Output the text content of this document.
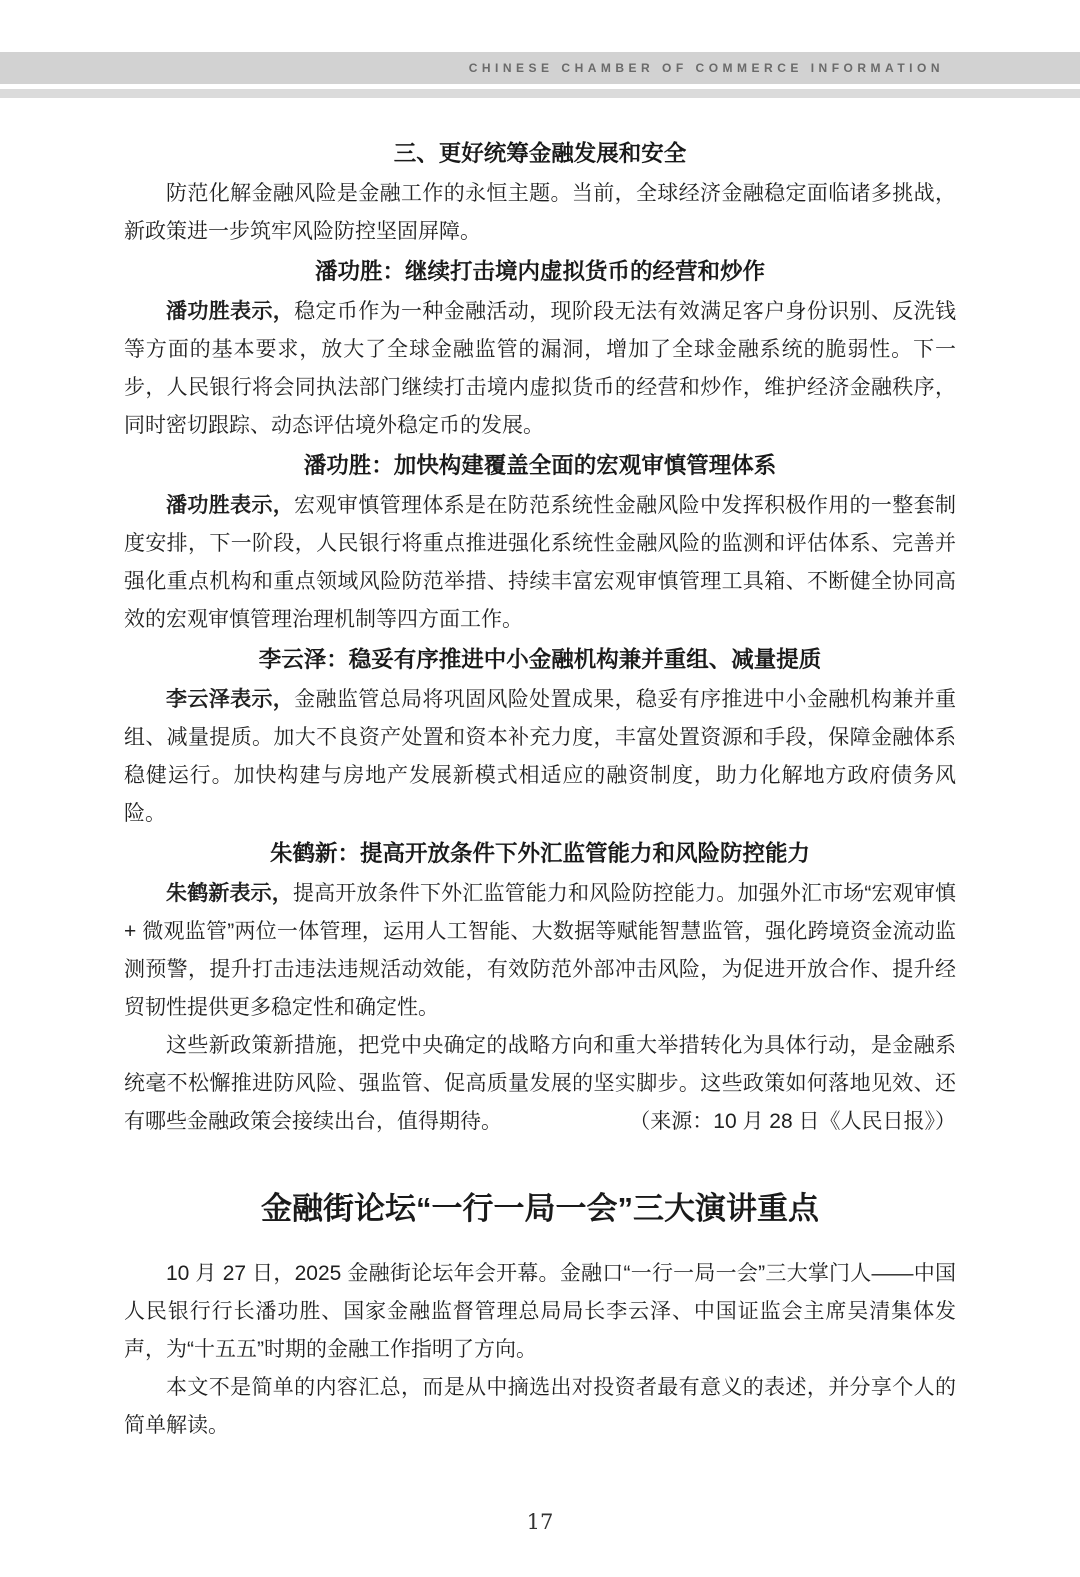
CHINESE CHAMBER OF COMMERCE INFORMATION
三、更好统筹金融发展和安全

防范化解金融风险是金融工作的永恒主题。当前，全球经济金融稳定面临诸多挑战，新政策进一步筑牢风险防控坚固屏障。

潘功胜：继续打击境内虚拟货币的经营和炒作

潘功胜表示，稳定币作为一种金融活动，现阶段无法有效满足客户身份识别、反洗钱等方面的基本要求，放大了全球金融监管的漏洞，增加了全球金融系统的脆弱性。下一步，人民银行将会同执法部门继续打击境内虚拟货币的经营和炒作，维护经济金融秩序，同时密切跟踪、动态评估境外稳定币的发展。

潘功胜：加快构建覆盖全面的宏观审慎管理体系

潘功胜表示，宏观审慎管理体系是在防范系统性金融风险中发挥积极作用的一整套制度安排，下一阶段，人民银行将重点推进强化系统性金融风险的监测和评估体系、完善并强化重点机构和重点领域风险防范举措、持续丰富宏观审慎管理工具箱、不断健全协同高效的宏观审慎管理治理机制等四方面工作。

李云泽：稳妥有序推进中小金融机构兼并重组、减量提质

李云泽表示，金融监管总局将巩固风险处置成果，稳妥有序推进中小金融机构兼并重组、减量提质。加大不良资产处置和资本补充力度，丰富处置资源和手段，保障金融体系稳健运行。加快构建与房地产发展新模式相适应的融资制度，助力化解地方政府债务风险。

朱鹤新：提高开放条件下外汇监管能力和风险防控能力

朱鹤新表示，提高开放条件下外汇监管能力和风险防控能力。加强外汇市场“宏观审慎 + 微观监管”两位一体管理，运用人工智能、大数据等赋能智慧监管，强化跨境资金流动监测预警，提升打击违法违规活动效能，有效防范外部冲击风险，为促进开放合作、提升经贸韧性提供更多稳定性和确定性。

这些新政策新措施，把党中央确定的战略方向和重大举措转化为具体行动，是金融系统毫不松懈推进防风险、强监管、促高质量发展的坚实脚步。这些政策如何落地见效、还有哪些金融政策会接续出台，值得期待。	（来源：10 月 28 日《人民日报》）

金融街论坛“一行一局一会”三大演讲重点

10 月 27 日，2025 金融街论坛年会开幕。金融口“一行一局一会”三大掌门人——中国人民银行行长潘功胜、国家金融监督管理总局局长李云泽、中国证监会主席吴清集体发声，为“十五五”时期的金融工作指明了方向。

本文不是简单的内容汇总，而是从中摘选出对投资者最有意义的表述，并分享个人的简单解读。

17
